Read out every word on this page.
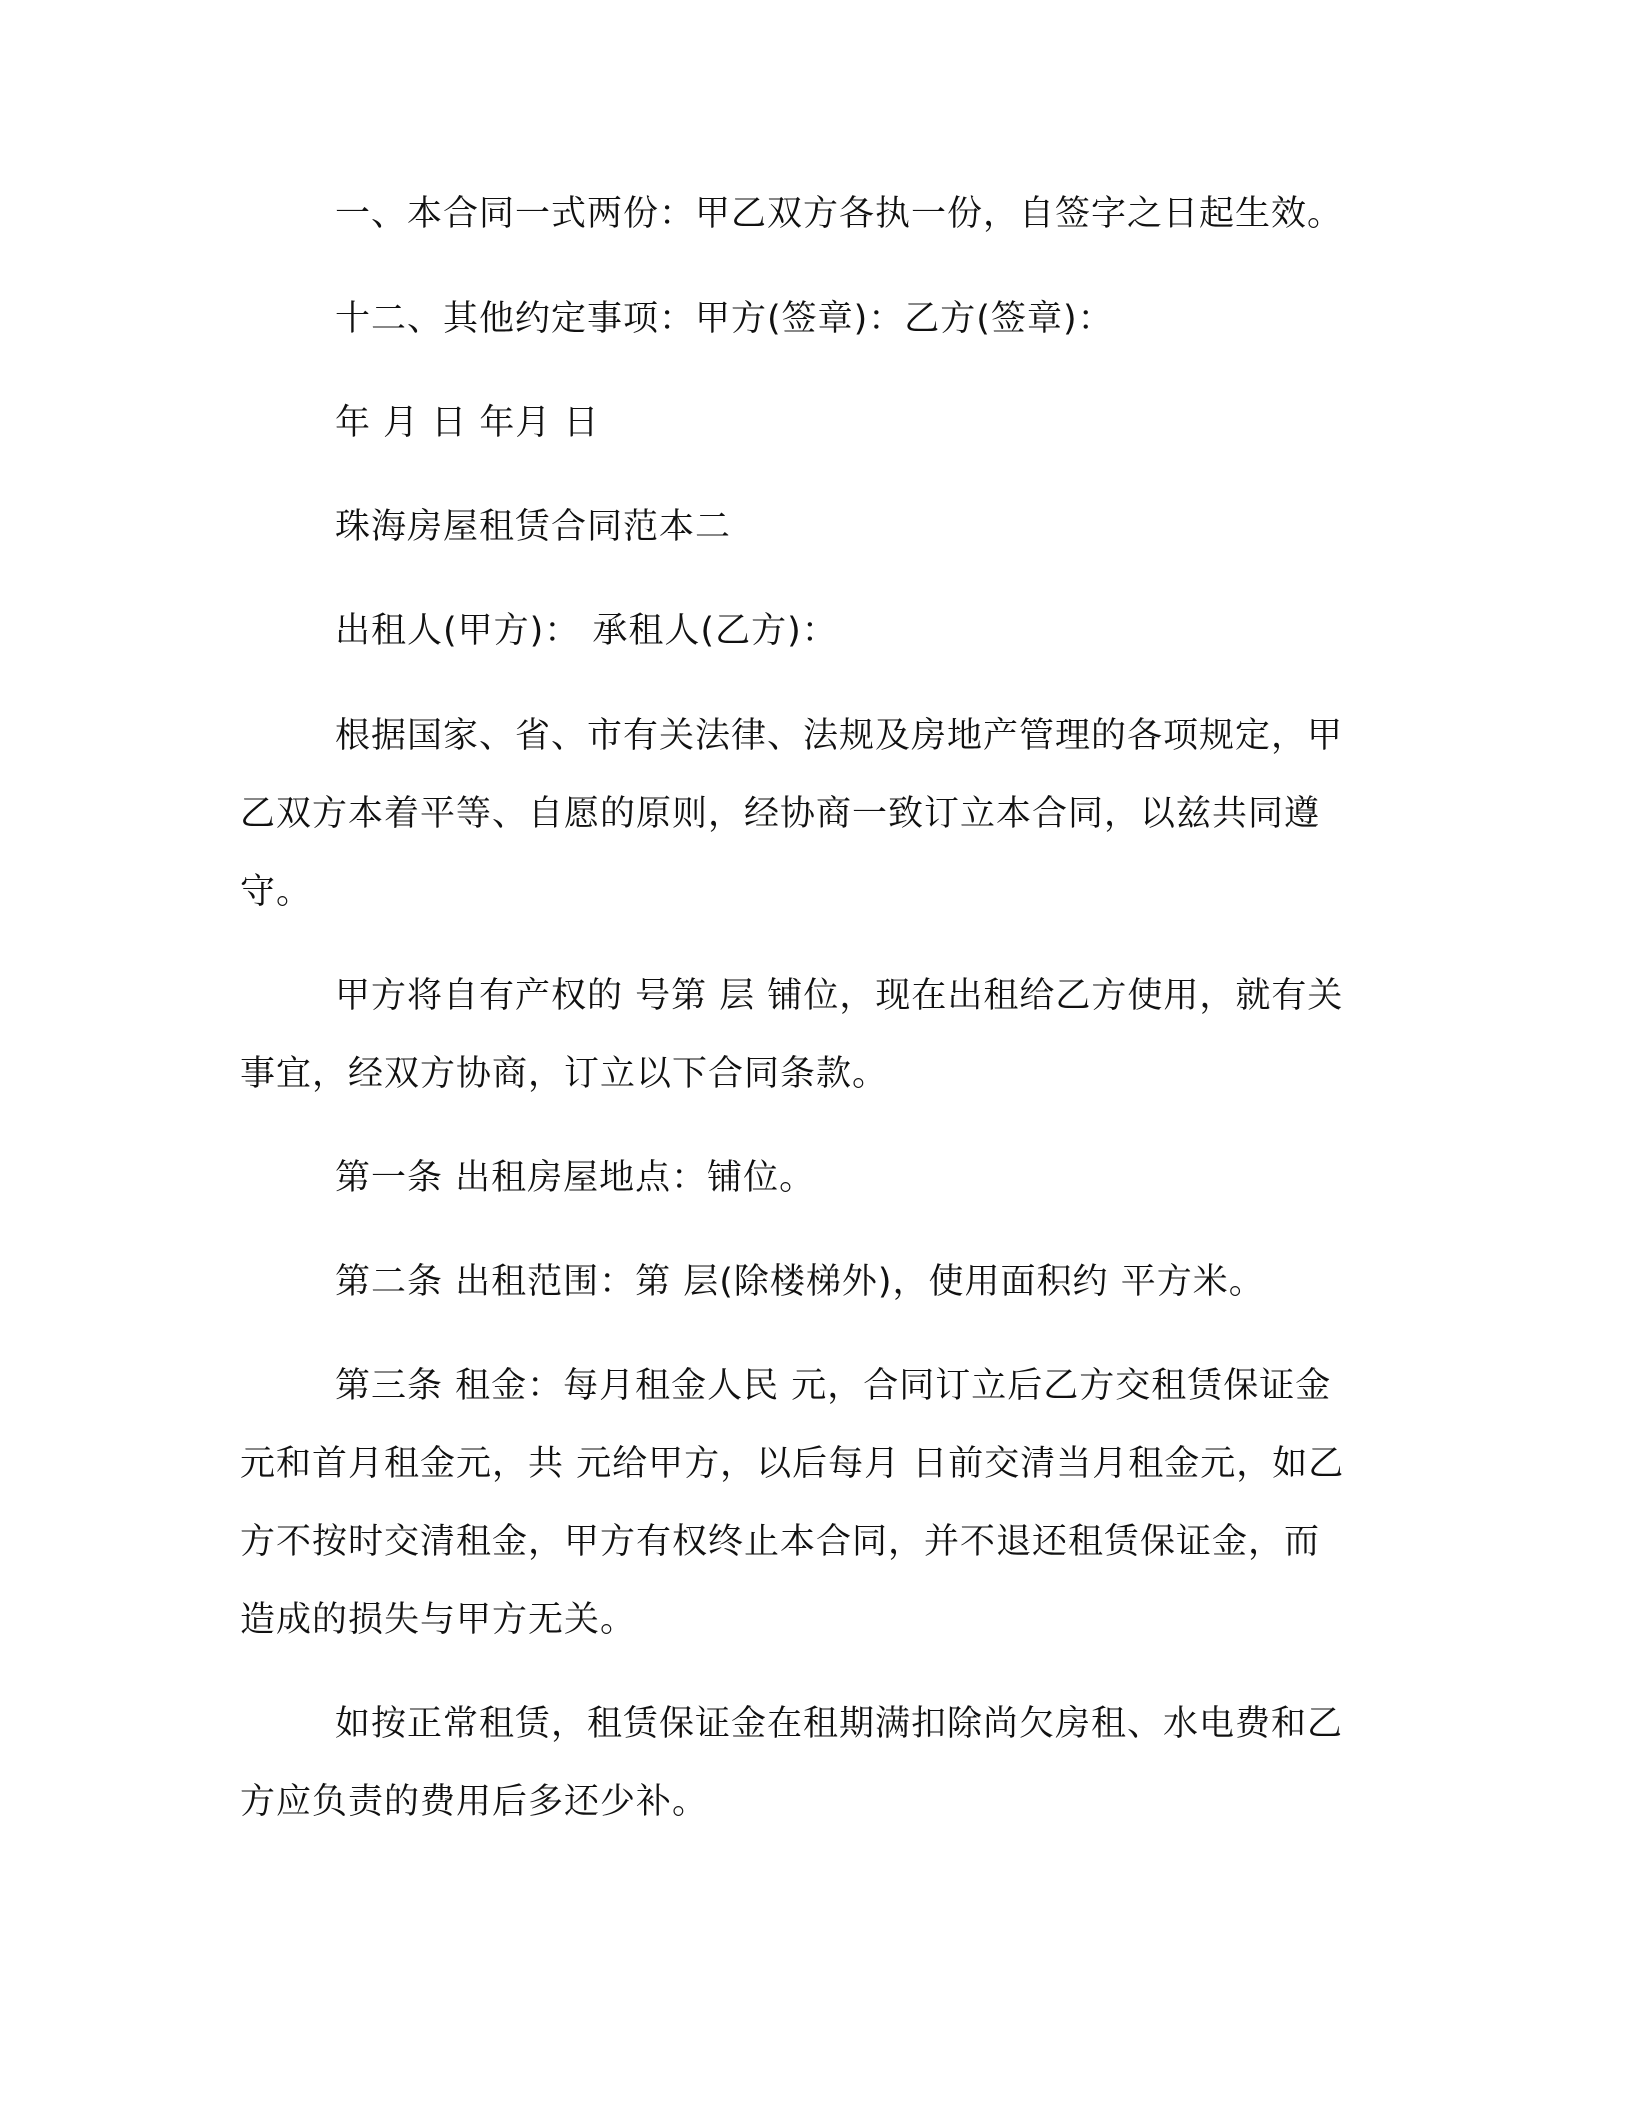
一、本合同一式两份：甲乙双方各执一份，自签字之日起生效。
十二、其他约定事项：甲方(签章)：乙方(签章)：
年 月 日 年月 日
珠海房屋租赁合同范本二
出租人(甲方)： 承租人(乙方)：
根据国家、省、市有关法律、法规及房地产管理的各项规定，甲
乙双方本着平等、自愿的原则，经协商一致订立本合同，以兹共同遵
守。
甲方将自有产权的 号第 层 铺位，现在出租给乙方使用，就有关
事宜，经双方协商，订立以下合同条款。
第一条 出租房屋地点：铺位。
第二条 出租范围：第 层(除楼梯外)，使用面积约 平方米。
第三条 租金：每月租金人民 元，合同订立后乙方交租赁保证金
元和首月租金元，共 元给甲方，以后每月 日前交清当月租金元，如乙
方不按时交清租金，甲方有权终止本合同，并不退还租赁保证金，而
造成的损失与甲方无关。
如按正常租赁，租赁保证金在租期满扣除尚欠房租、水电费和乙
方应负责的费用后多还少补。
